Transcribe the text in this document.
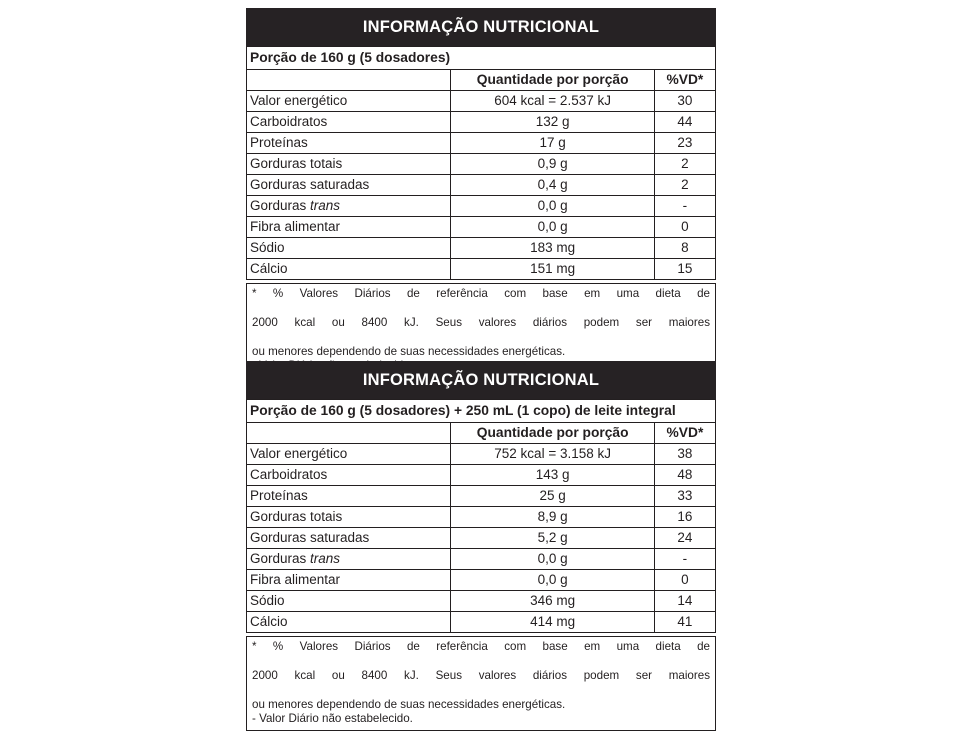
INFORMAÇÃO NUTRICIONAL
Porção de 160 g (5 dosadores)		
	Quantidade por porção	%VD*
Valor energético	604 kcal = 2.537 kJ	30
Carboidratos	132 g	44
Proteínas	17 g	23
Gorduras totais	0,9 g	2
Gorduras saturadas	0,4 g	2
Gorduras trans	0,0 g	-
Fibra alimentar	0,0 g	0
Sódio	183 mg	8
Cálcio	151 mg	15
* % Valores Diários de referência com base em uma dieta de
2000 kcal ou 8400 kJ. Seus valores diários podem ser maiores
ou menores dependendo de suas necessidades energéticas.
INFORMAÇÃO NUTRICIONAL
Porção de 160 g (5 dosadores) + 250 mL (1 copo) de leite integral		
	Quantidade por porção	%VD*
Valor energético	752 kcal = 3.158 kJ	38
Carboidratos	143 g	48
Proteínas	25 g	33
Gorduras totais	8,9 g	16
Gorduras saturadas	5,2 g	24
Gorduras trans	0,0 g	-
Fibra alimentar	0,0 g	0
Sódio	346 mg	14
Cálcio	414 mg	41
* % Valores Diários de referência com base em uma dieta de
2000 kcal ou 8400 kJ. Seus valores diários podem ser maiores
ou menores dependendo de suas necessidades energéticas.
- Valor Diário não estabelecido.
